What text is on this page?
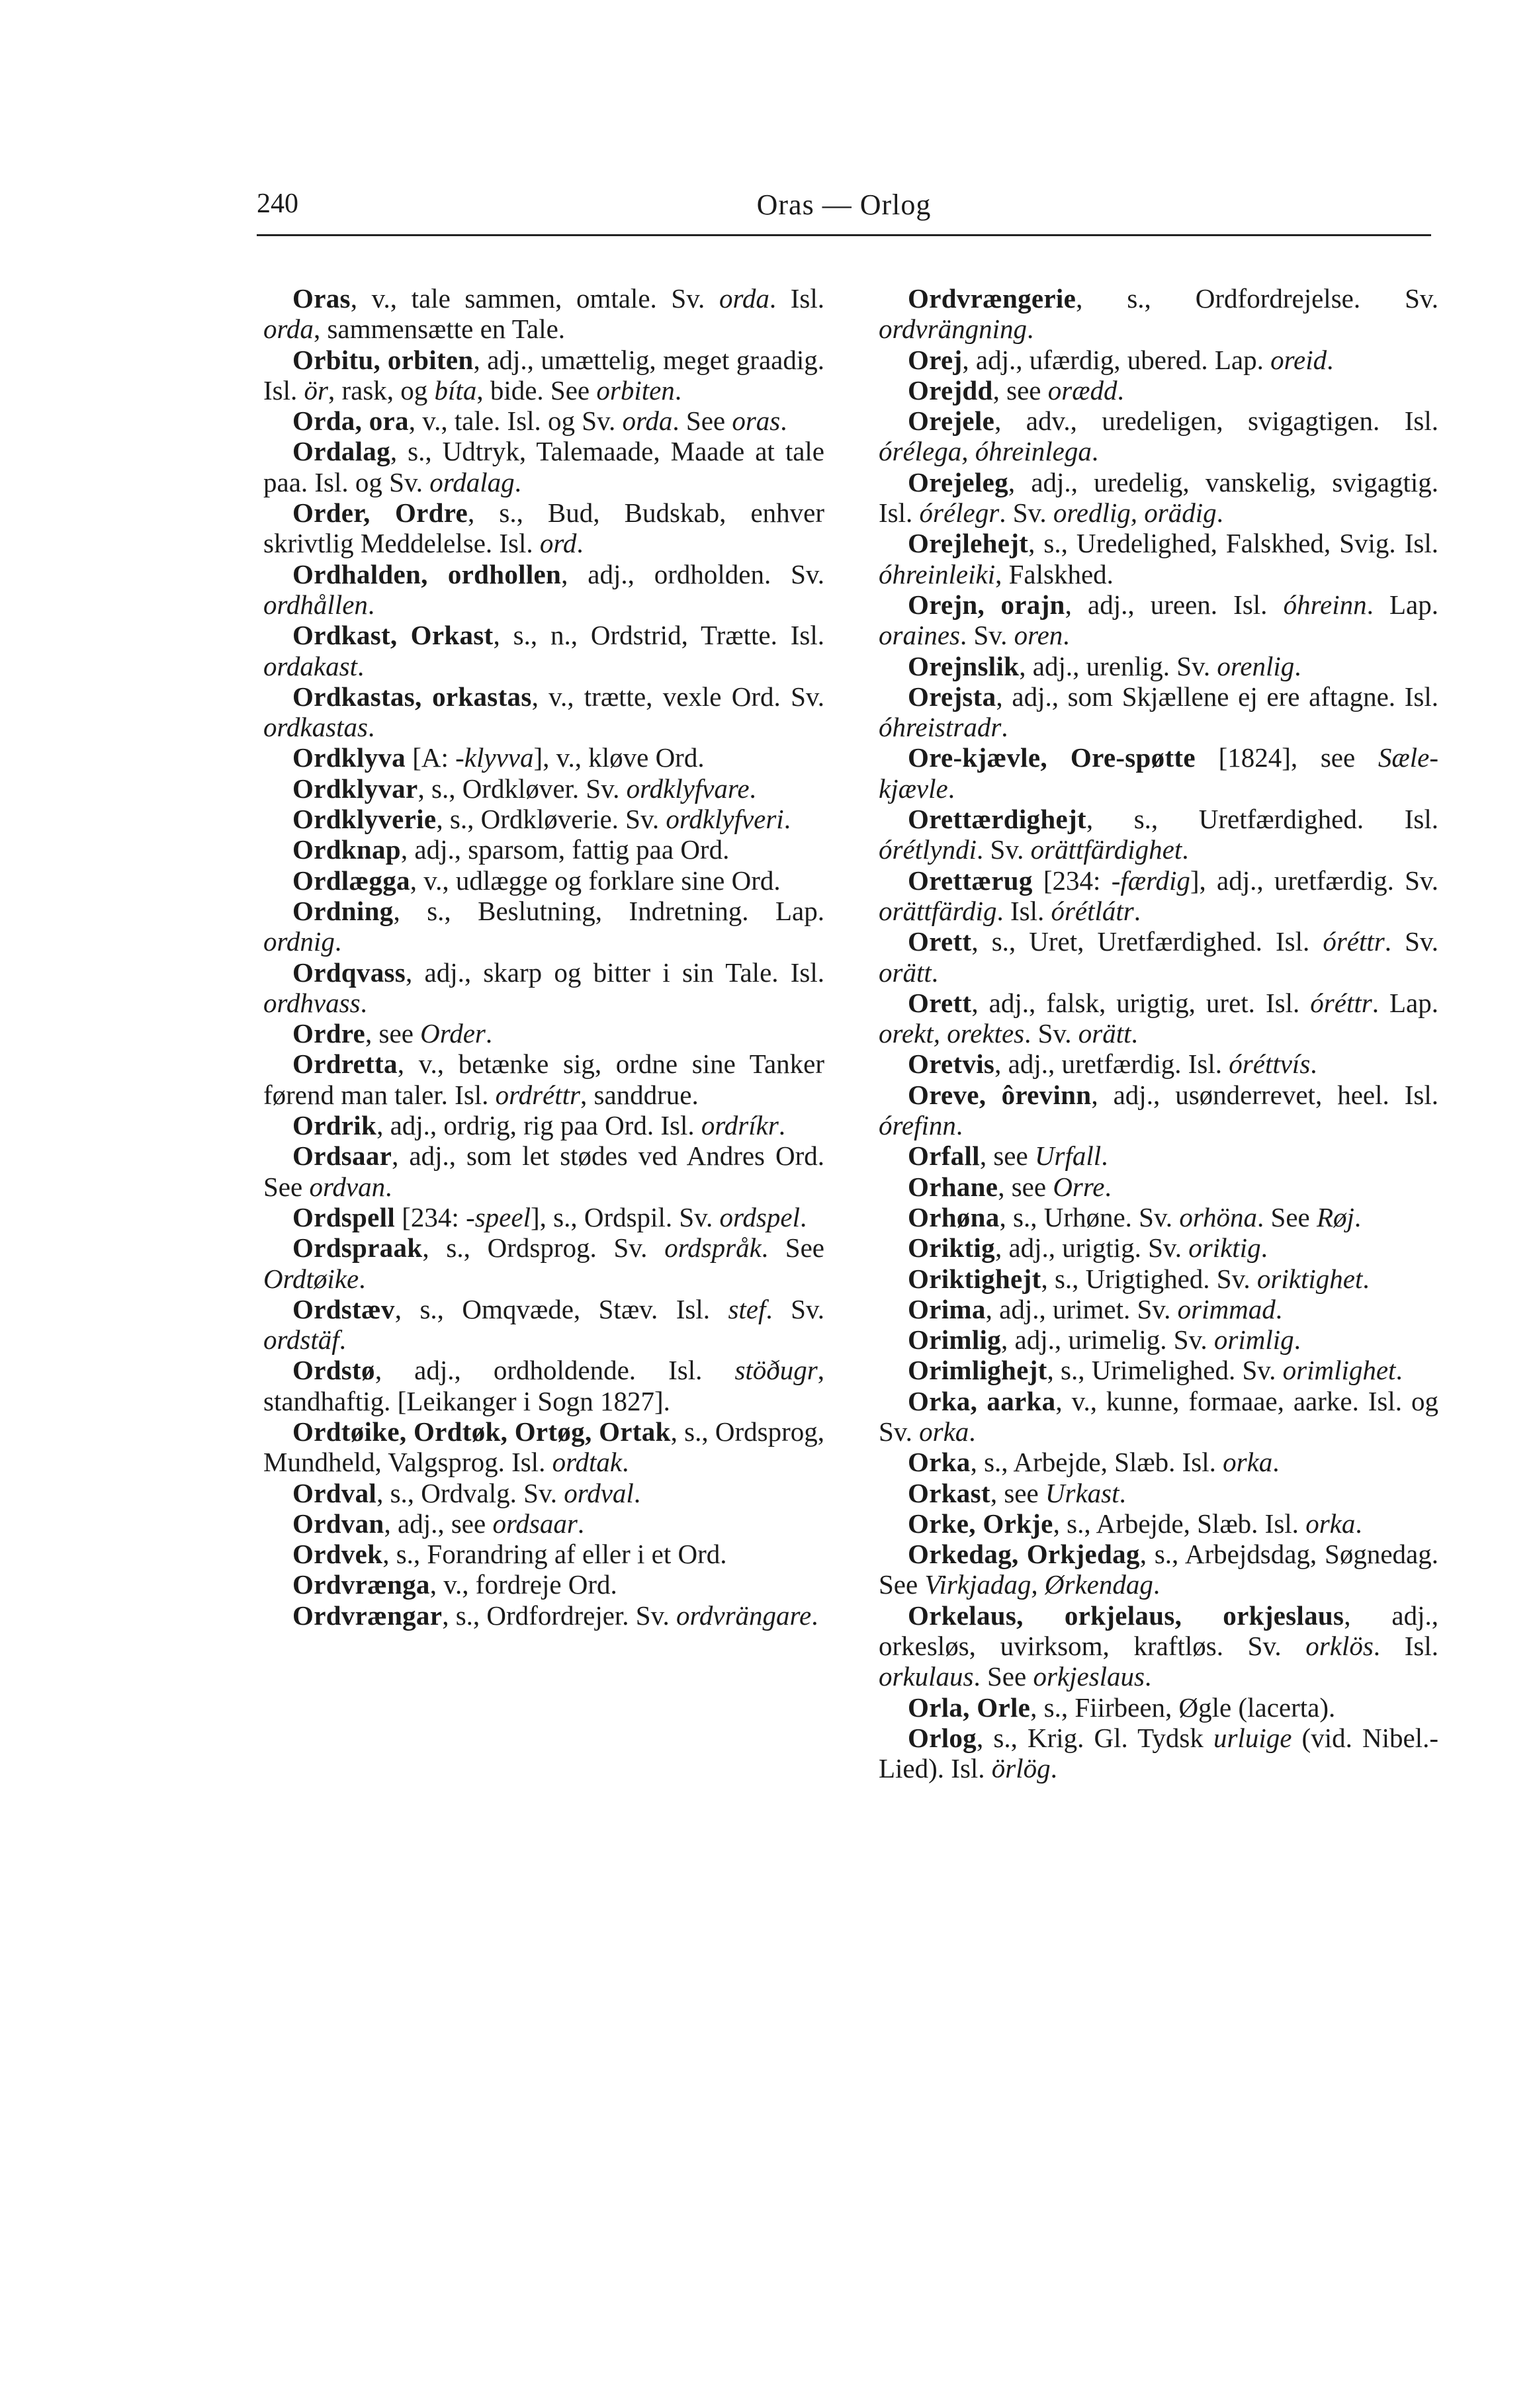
240	Oras — Orlog

Oras, v., tale sammen, omtale. Sv. orda. Isl. orda, sammensætte en Tale.

Orbitu, orbiten, adj., umættelig, meget graadig. Isl. ör, rask, og bíta, bide. See orbiten.

Orda, ora, v., tale. Isl. og Sv. orda. See oras.

Ordalag, s., Udtryk, Talemaade, Maade at tale paa. Isl. og Sv. ordalag.

Order, Ordre, s., Bud, Budskab, enhver skrivtlig Meddelelse. Isl. ord.

Ordhalden, ordhollen, adj., ordholden. Sv. ordhållen.

Ordkast, Orkast, s., n., Ordstrid, Trætte. Isl. ordakast.

Ordkastas, orkastas, v., trætte, vexle Ord. Sv. ordkastas.

Ordklyva [A: -klyvva], v., kløve Ord.

Ordklyvar, s., Ordkløver. Sv. ordklyfvare.

Ordklyverie, s., Ordkløverie. Sv. ordklyfveri.

Ordknap, adj., sparsom, fattig paa Ord.

Ordlægga, v., udlægge og forklare sine Ord.

Ordning, s., Beslutning, Indretning. Lap. ordnig.

Ordqvass, adj., skarp og bitter i sin Tale. Isl. ordhvass.

Ordre, see Order.

Ordretta, v., betænke sig, ordne sine Tanker førend man taler. Isl. ordréttr, sanddrue.

Ordrik, adj., ordrig, rig paa Ord. Isl. ordríkr.

Ordsaar, adj., som let stødes ved Andres Ord. See ordvan.

Ordspell [234: -speel], s., Ordspil. Sv. ordspel.

Ordspraak, s., Ordsprog. Sv. ordspråk. See Ordtøike.

Ordstæv, s., Omqvæde, Stæv. Isl. stef. Sv. ordstäf.

Ordstø, adj., ordholdende. Isl. stöðugr, standhaftig. [Leikanger i Sogn 1827].

Ordtøike, Ordtøk, Ortøg, Ortak, s., Ordsprog, Mundheld, Valgsprog. Isl. ordtak.

Ordval, s., Ordvalg. Sv. ordval.

Ordvan, adj., see ordsaar.

Ordvek, s., Forandring af eller i et Ord.

Ordvrænga, v., fordreje Ord.

Ordvrængar, s., Ordfordrejer. Sv. ordvrängare.

Ordvrængerie, s., Ordfordrejelse. Sv. ordvrängning.

Orej, adj., ufærdig, ubered. Lap. oreid.

Orejdd, see orædd.

Orejele, adv., uredeligen, svigagtigen. Isl. órélega, óhreinlega.

Orejeleg, adj., uredelig, vanskelig, svigagtig. Isl. órélegr. Sv. oredlig, orädig.

Orejlehejt, s., Uredelighed, Falskhed, Svig. Isl. óhreinleiki, Falskhed.

Orejn, orajn, adj., ureen. Isl. óhreinn. Lap. oraines. Sv. oren.

Orejnslik, adj., urenlig. Sv. orenlig.

Orejsta, adj., som Skjællene ej ere aftagne. Isl. óhreistradr.

Ore-kjævle, Ore-spøtte [1824], see Sæle-kjævle.

Orettærdighejt, s., Uretfærdighed. Isl. órétlyndi. Sv. orättfärdighet.

Orettærug [234: -færdig], adj., uretfærdig. Sv. orättfärdig. Isl. órétlátr.

Orett, s., Uret, Uretfærdighed. Isl. óréttr. Sv. orätt.

Orett, adj., falsk, urigtig, uret. Isl. óréttr. Lap. orekt, orektes. Sv. orätt.

Oretvis, adj., uretfærdig. Isl. óréttvís.

Oreve, ôrevinn, adj., usønderrevet, heel. Isl. órefinn.

Orfall, see Urfall.

Orhane, see Orre.

Orhøna, s., Urhøne. Sv. orhöna. See Røj.

Oriktig, adj., urigtig. Sv. oriktig.

Oriktighejt, s., Urigtighed. Sv. oriktighet.

Orima, adj., urimet. Sv. orimmad.

Orimlig, adj., urimelig. Sv. orimlig.

Orimlighejt, s., Urimelighed. Sv. orimlighet.

Orka, aarka, v., kunne, formaae, aarke. Isl. og Sv. orka.

Orka, s., Arbejde, Slæb. Isl. orka.

Orkast, see Urkast.

Orke, Orkje, s., Arbejde, Slæb. Isl. orka.

Orkedag, Orkjedag, s., Arbejdsdag, Søgnedag. See Virkjadag, Ørkendag.

Orkelaus, orkjelaus, orkjeslaus, adj., orkesløs, uvirksom, kraftløs. Sv. orklös. Isl. orkulaus. See orkjeslaus.

Orla, Orle, s., Fiirbeen, Øgle (lacerta).

Orlog, s., Krig. Gl. Tydsk urluige (vid. Nibel.-Lied). Isl. örlög.
